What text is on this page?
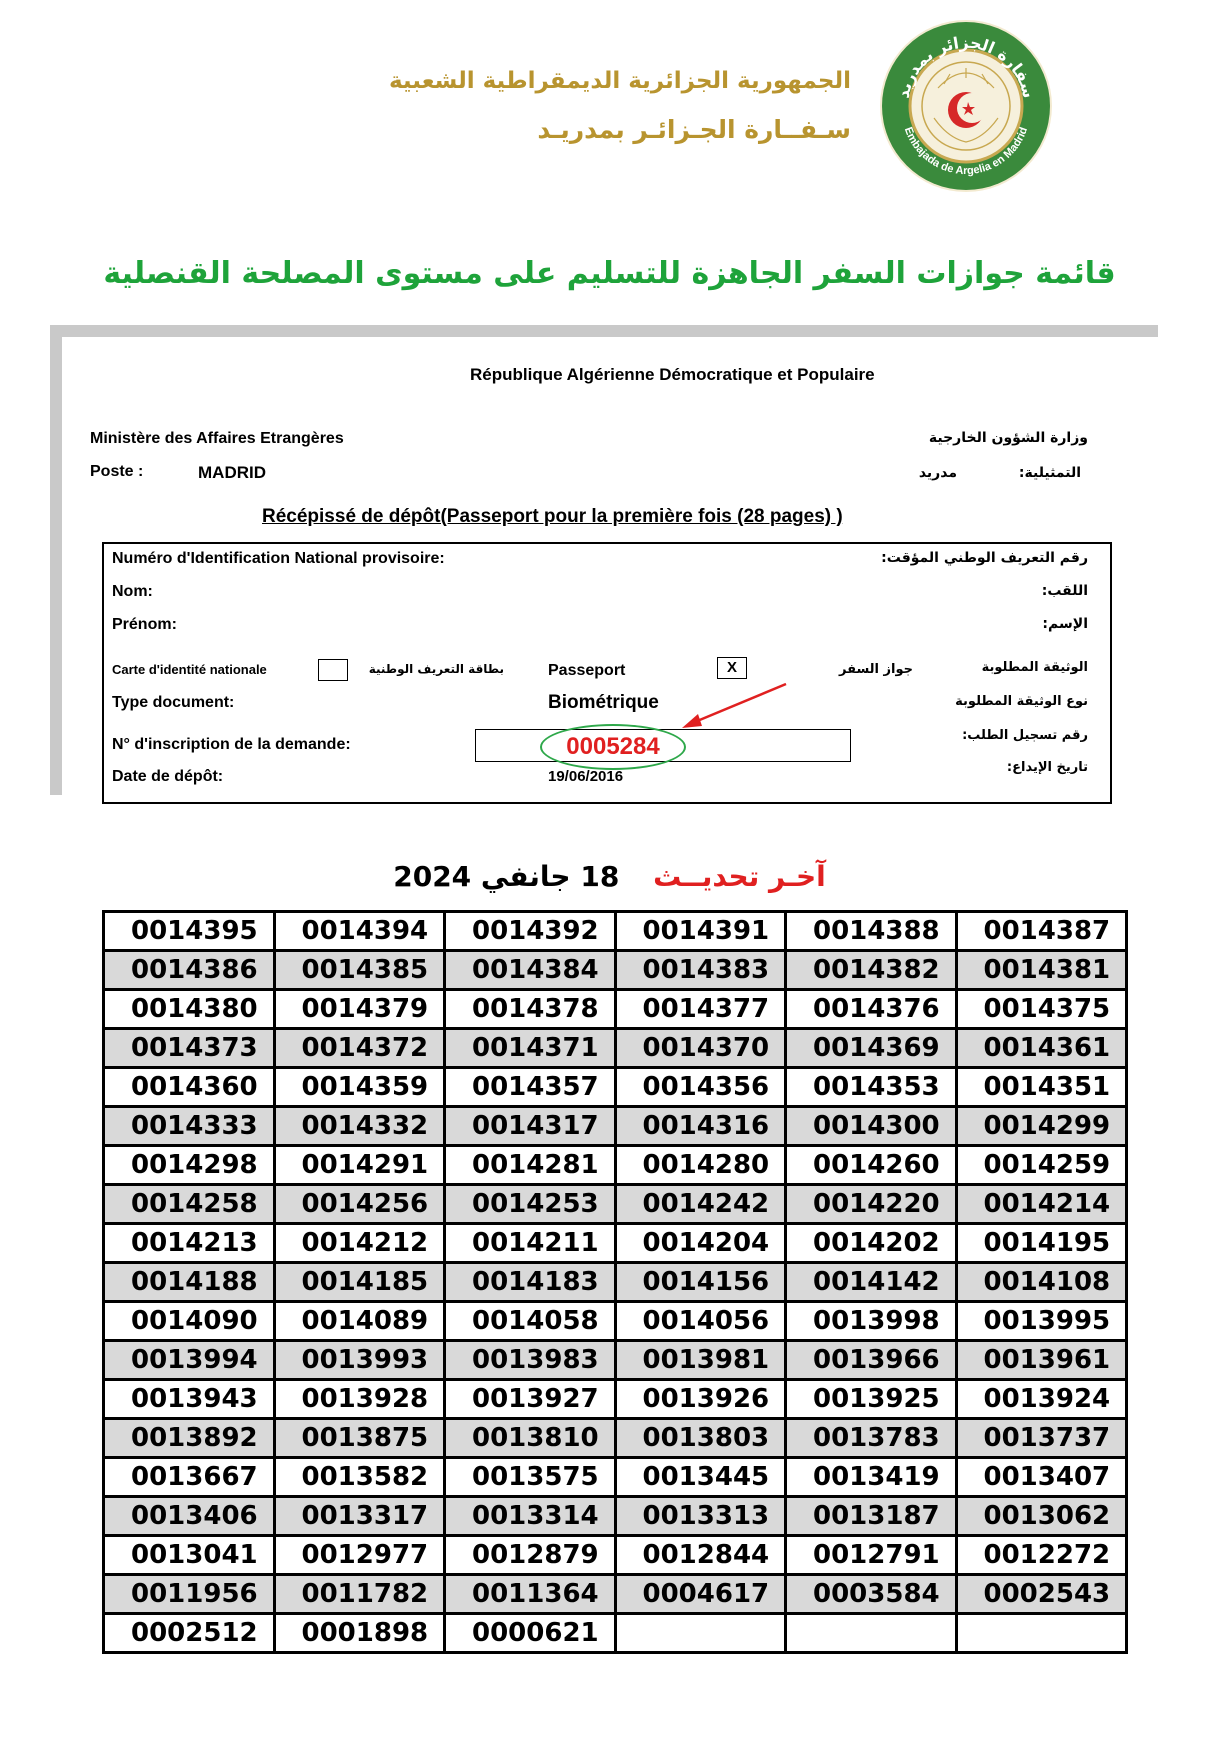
سفارة الجزائر بمدريد
Embajada de Argelia en Madrid
الجمهورية الجزائرية الديمقراطية الشعبية
سـفــارة الجـزائـر بمدريـد
قائمة جوازات السفر الجاهزة للتسليم على مستوى المصلحة القنصلية
République Algérienne Démocratique et Populaire
Ministère des Affaires Etrangères	وزارة الشؤون الخارجية
Poste :	MADRID	التمثيلية:
مدريد
Récépissé de dépôt(Passeport pour la première fois (28 pages) )
Numéro d'Identification National provisoire:	رقم التعريف الوطني المؤقت:
Nom:	اللقب:
Prénom:	الإسم:
Carte d'identité nationale	بطاقة التعريف الوطنية	Passeport	X	جواز السفر	الوثيقة المطلوبة
Type document:	Biométrique	نوع الوثيقة المطلوبة
N° d'inscription de la demande:	0005284	رقم تسجيل الطلب:
Date de dépôt:	19/06/2016
تاريخ الإيداع:
آخـر تحديــث 18 جانفي 2024
0014395	0014394	0014392	0014391	0014388	0014387
0014386	0014385	0014384	0014383	0014382	0014381
0014380	0014379	0014378	0014377	0014376	0014375
0014373	0014372	0014371	0014370	0014369	0014361
0014360	0014359	0014357	0014356	0014353	0014351
0014333	0014332	0014317	0014316	0014300	0014299
0014298	0014291	0014281	0014280	0014260	0014259
0014258	0014256	0014253	0014242	0014220	0014214
0014213	0014212	0014211	0014204	0014202	0014195
0014188	0014185	0014183	0014156	0014142	0014108
0014090	0014089	0014058	0014056	0013998	0013995
0013994	0013993	0013983	0013981	0013966	0013961
0013943	0013928	0013927	0013926	0013925	0013924
0013892	0013875	0013810	0013803	0013783	0013737
0013667	0013582	0013575	0013445	0013419	0013407
0013406	0013317	0013314	0013313	0013187	0013062
0013041	0012977	0012879	0012844	0012791	0012272
0011956	0011782	0011364	0004617	0003584	0002543
0002512	0001898	0000621			
